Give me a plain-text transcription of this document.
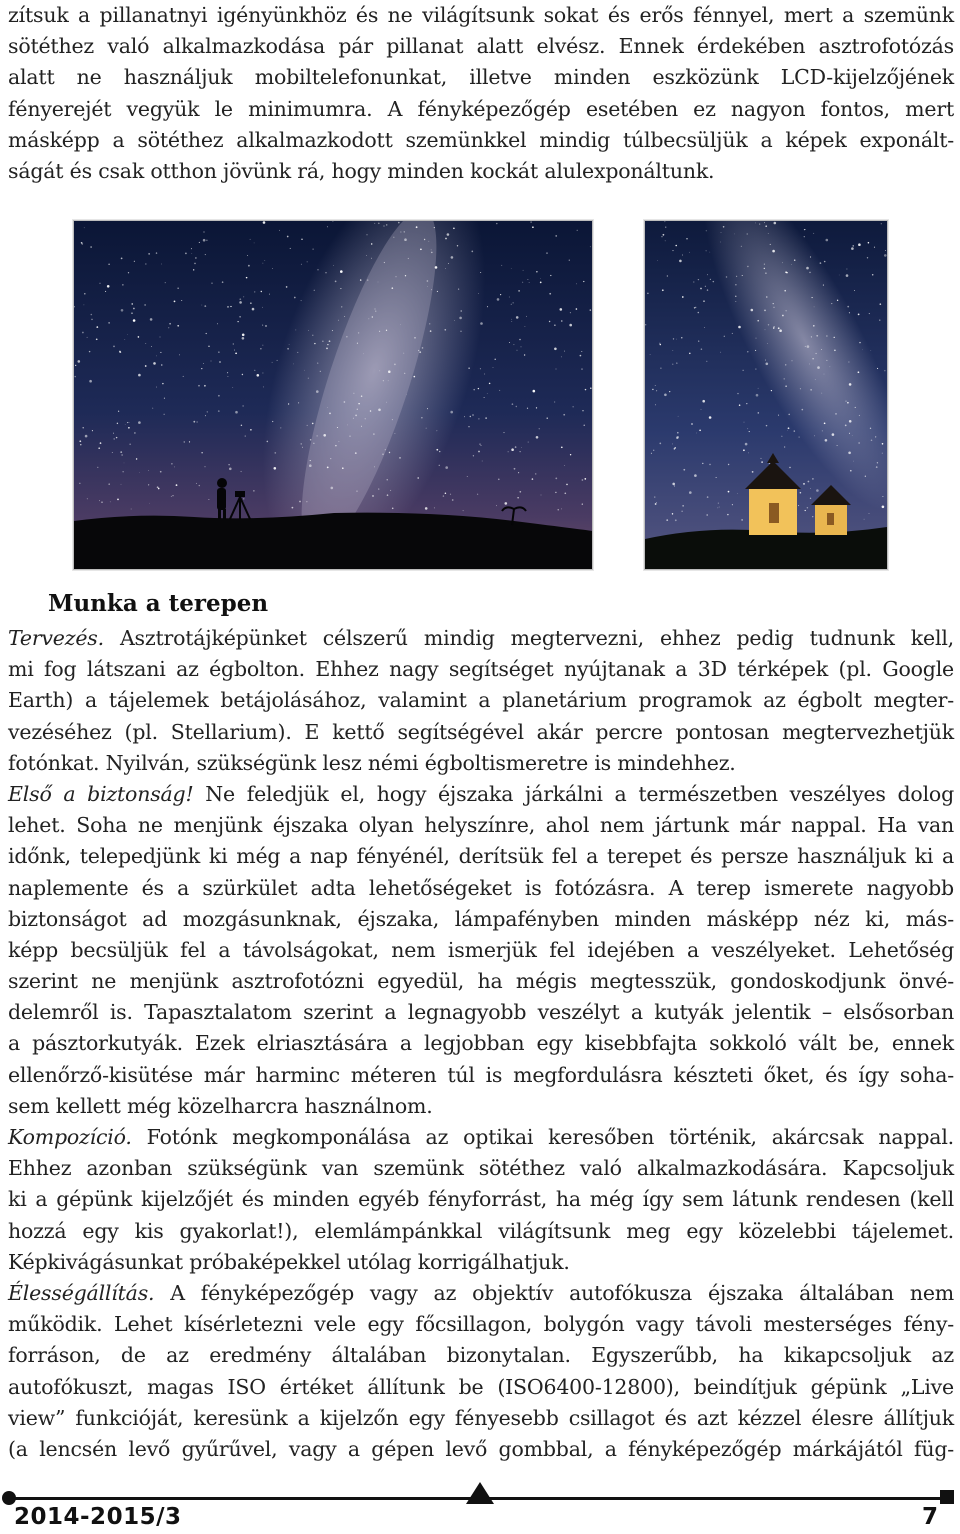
zítsuk a pillanatnyi igényünkhöz és ne világítsunk sokat és erős fénnyel, mert a szemünk
sötéthez való alkalmazkodása pár pillanat alatt elvész. Ennek érdekében asztrofotózás
alatt ne használjuk mobiltelefonunkat, illetve minden eszközünk LCD-kijelzőjének
fényerejét vegyük le minimumra. A fényképezőgép esetében ez nagyon fontos, mert
másképp a sötéthez alkalmazkodott szemünkkel mindig túlbecsüljük a képek exponált-
ságát és csak otthon jövünk rá, hogy minden kockát alulexponáltunk.
Munka a terepen
Tervezés. Asztrotájképünket célszerű mindig megtervezni, ehhez pedig tudnunk kell,
mi fog látszani az égbolton. Ehhez nagy segítséget nyújtanak a 3D térképek (pl. Google
Earth) a tájelemek betájolásához, valamint a planetárium programok az égbolt megter-
vezéséhez (pl. Stellarium). E kettő segítségével akár percre pontosan megtervezhetjük
fotónkat. Nyilván, szükségünk lesz némi égboltismeretre is mindehhez.
Első a biztonság! Ne feledjük el, hogy éjszaka járkálni a természetben veszélyes dolog
lehet. Soha ne menjünk éjszaka olyan helyszínre, ahol nem jártunk már nappal. Ha van
időnk, telepedjünk ki még a nap fényénél, derítsük fel a terepet és persze használjuk ki a
naplemente és a szürkület adta lehetőségeket is fotózásra. A terep ismerete nagyobb
biztonságot ad mozgásunknak, éjszaka, lámpafényben minden másképp néz ki, más-
képp becsüljük fel a távolságokat, nem ismerjük fel idejében a veszélyeket. Lehetőség
szerint ne menjünk asztrofotózni egyedül, ha mégis megtesszük, gondoskodjunk önvé-
delemről is. Tapasztalatom szerint a legnagyobb veszélyt a kutyák jelentik – elsősorban
a pásztorkutyák. Ezek elriasztására a legjobban egy kisebbfajta sokkoló vált be, ennek
ellenőrző-kisütése már harminc méteren túl is megfordulásra készteti őket, és így soha-
sem kellett még közelharcra használnom.
Kompozíció. Fotónk megkomponálása az optikai keresőben történik, akárcsak nappal.
Ehhez azonban szükségünk van szemünk sötéthez való alkalmazkodására. Kapcsoljuk
ki a gépünk kijelzőjét és minden egyéb fényforrást, ha még így sem látunk rendesen (kell
hozzá egy kis gyakorlat!), elemlámpánkkal világítsunk meg egy közelebbi tájelemet.
Képkivágásunkat próbaképekkel utólag korrigálhatjuk.
Élességállítás. A fényképezőgép vagy az objektív autofókusza éjszaka általában nem
működik. Lehet kísérletezni vele egy főcsillagon, bolygón vagy távoli mesterséges fény-
forráson, de az eredmény általában bizonytalan. Egyszerűbb, ha kikapcsoljuk az
autofókuszt, magas ISO értéket állítunk be (ISO6400-12800), beindítjuk gépünk „Live
view” funkcióját, keresünk a kijelzőn egy fényesebb csillagot és azt kézzel élesre állítjuk
(a lencsén levő gyűrűvel, vagy a gépen levő gombbal, a fényképezőgép márkájától füg-
2014-2015/3	7
